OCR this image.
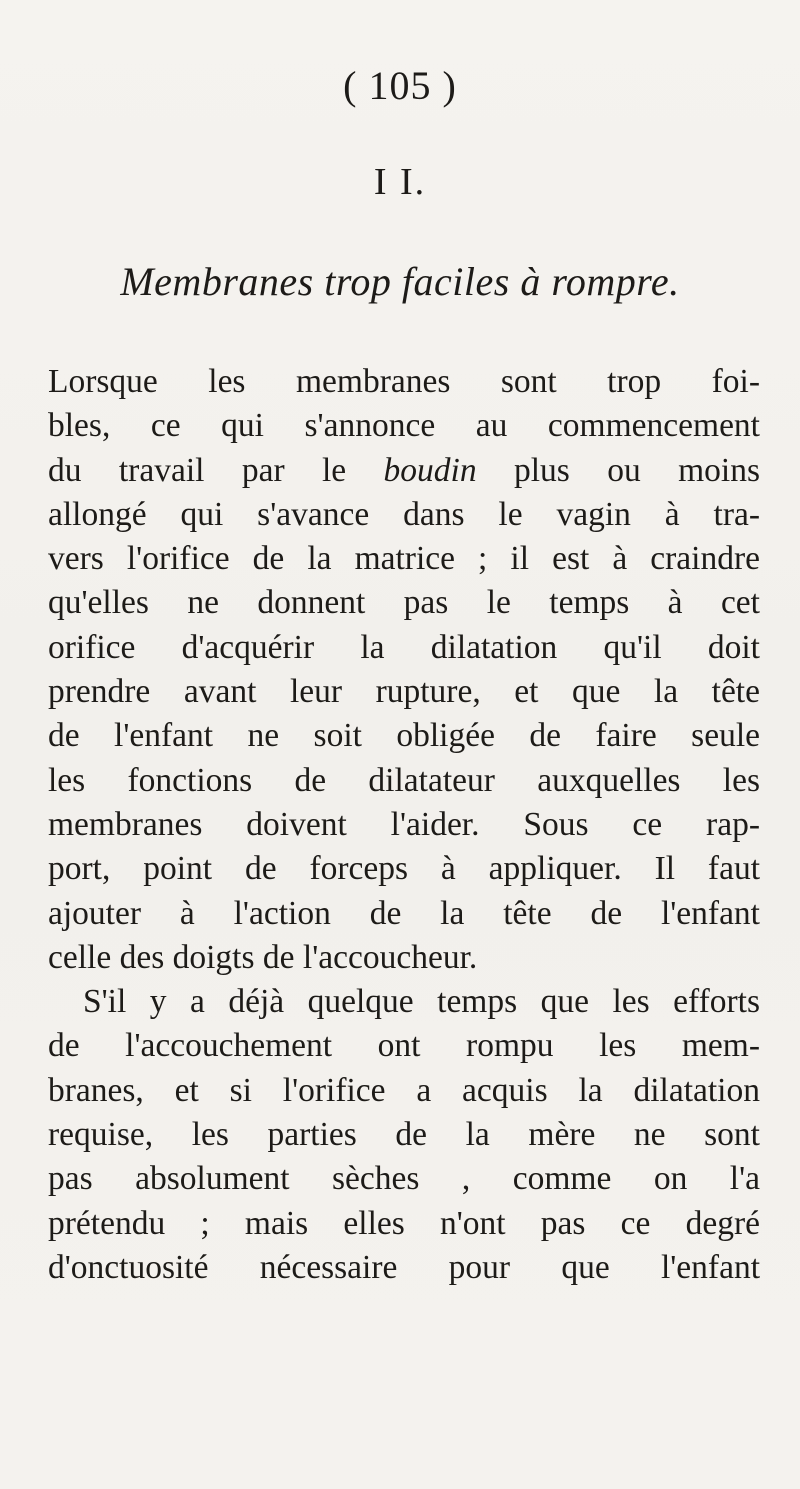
( 105 )
I I.
Membranes trop faciles à rompre.
Lorsque les membranes sont trop foi-
bles, ce qui s'annonce au commencement
du travail par le boudin plus ou moins
allongé qui s'avance dans le vagin à tra-
vers l'orifice de la matrice ; il est à craindre
qu'elles ne donnent pas le temps à cet
orifice d'acquérir la dilatation qu'il doit
prendre avant leur rupture, et que la tête
de l'enfant ne soit obligée de faire seule
les fonctions de dilatateur auxquelles les
membranes doivent l'aider. Sous ce rap-
port, point de forceps à appliquer. Il faut
ajouter à l'action de la tête de l'enfant
celle des doigts de l'accoucheur.
S'il y a déjà quelque temps que les efforts
de l'accouchement ont rompu les mem-
branes, et si l'orifice a acquis la dilatation
requise, les parties de la mère ne sont
pas absolument sèches , comme on l'a
prétendu ; mais elles n'ont pas ce degré
d'onctuosité nécessaire pour que l'enfant
